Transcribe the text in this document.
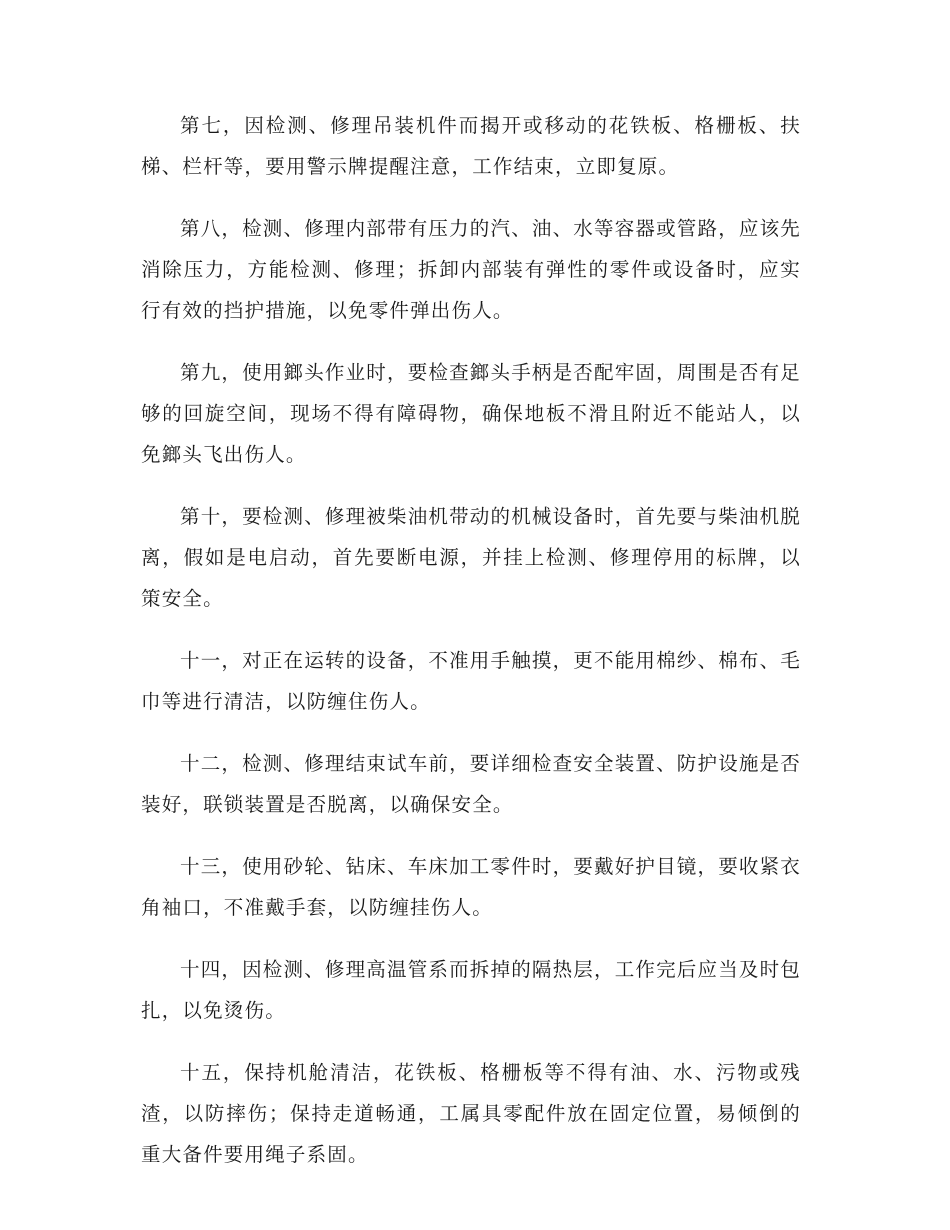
第七，因检测、修理吊装机件而揭开或移动的花铁板、格栅板、扶梯、栏杆等，要用警示牌提醒注意，工作结束，立即复原。

第八，检测、修理内部带有压力的汽、油、水等容器或管路，应该先消除压力，方能检测、修理；拆卸内部装有弹性的零件或设备时，应实行有效的挡护措施，以免零件弹出伤人。

第九，使用鎯头作业时，要检查鎯头手柄是否配牢固，周围是否有足够的回旋空间，现场不得有障碍物，确保地板不滑且附近不能站人，以免鎯头飞出伤人。

第十，要检测、修理被柴油机带动的机械设备时，首先要与柴油机脱离，假如是电启动，首先要断电源，并挂上检测、修理停用的标牌，以策安全。

十一，对正在运转的设备，不准用手触摸，更不能用棉纱、棉布、毛巾等进行清洁，以防缠住伤人。

十二，检测、修理结束试车前，要详细检查安全装置、防护设施是否装好，联锁装置是否脱离，以确保安全。

十三，使用砂轮、钻床、车床加工零件时，要戴好护目镜，要收紧衣角袖口，不准戴手套，以防缠挂伤人。

十四，因检测、修理高温管系而拆掉的隔热层，工作完后应当及时包扎，以免烫伤。

十五，保持机舱清洁，花铁板、格栅板等不得有油、水、污物或残渣，以防摔伤；保持走道畅通，工属具零配件放在固定位置，易倾倒的重大备件要用绳子系固。
